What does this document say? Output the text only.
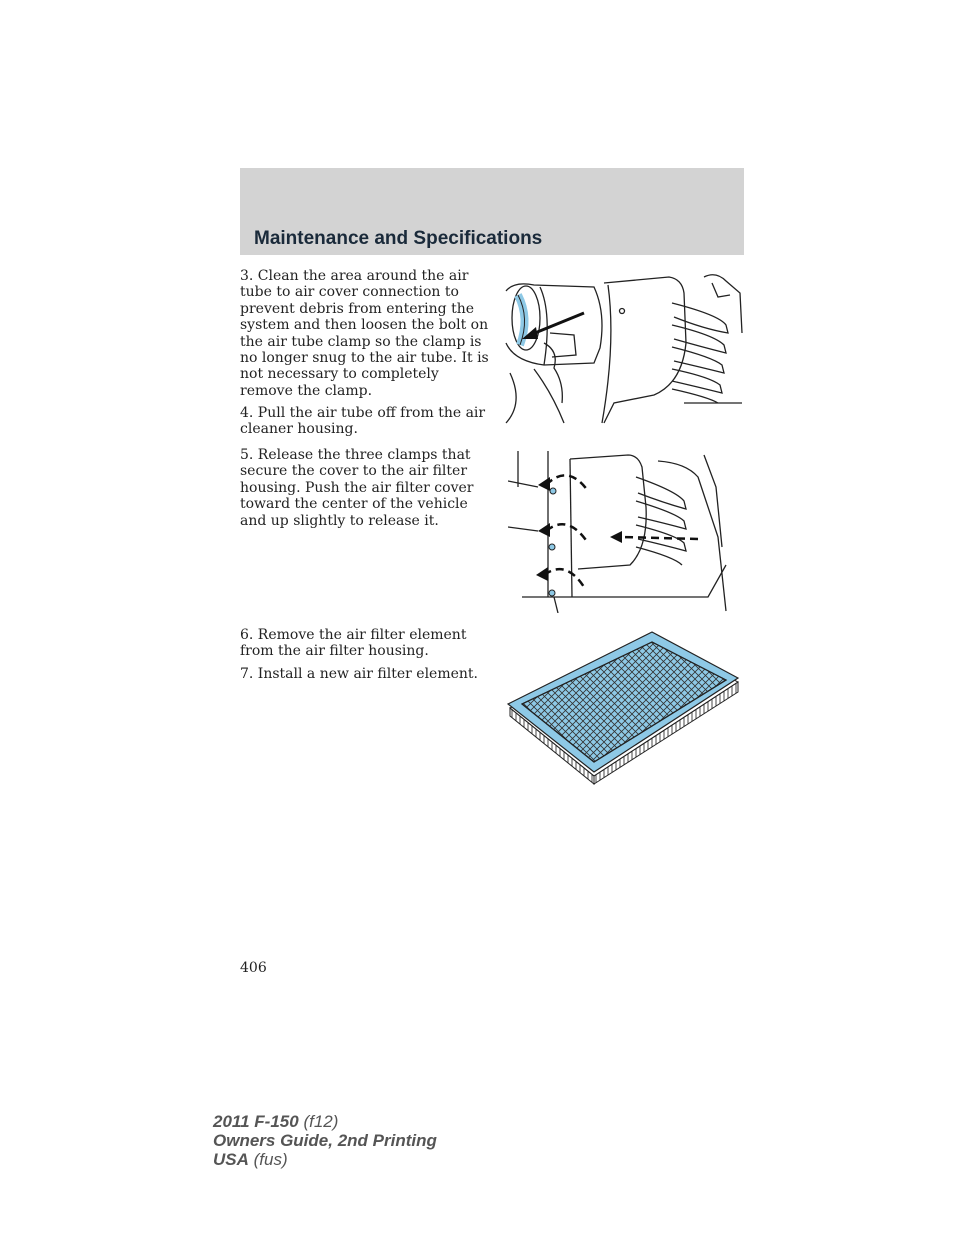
Maintenance and Specifications

3. Clean the area around the air tube to air cover connection to prevent debris from entering the system and then loosen the bolt on the air tube clamp so the clamp is no longer snug to the air tube. It is not necessary to completely remove the clamp.

4. Pull the air tube off from the air cleaner housing.

5. Release the three clamps that secure the cover to the air filter housing. Push the air filter cover toward the center of the vehicle and up slightly to release it.

6. Remove the air filter element from the air filter housing.

7. Install a new air filter element.

406
2011 F-150 (f12)
Owners Guide, 2nd Printing
USA (fus)
